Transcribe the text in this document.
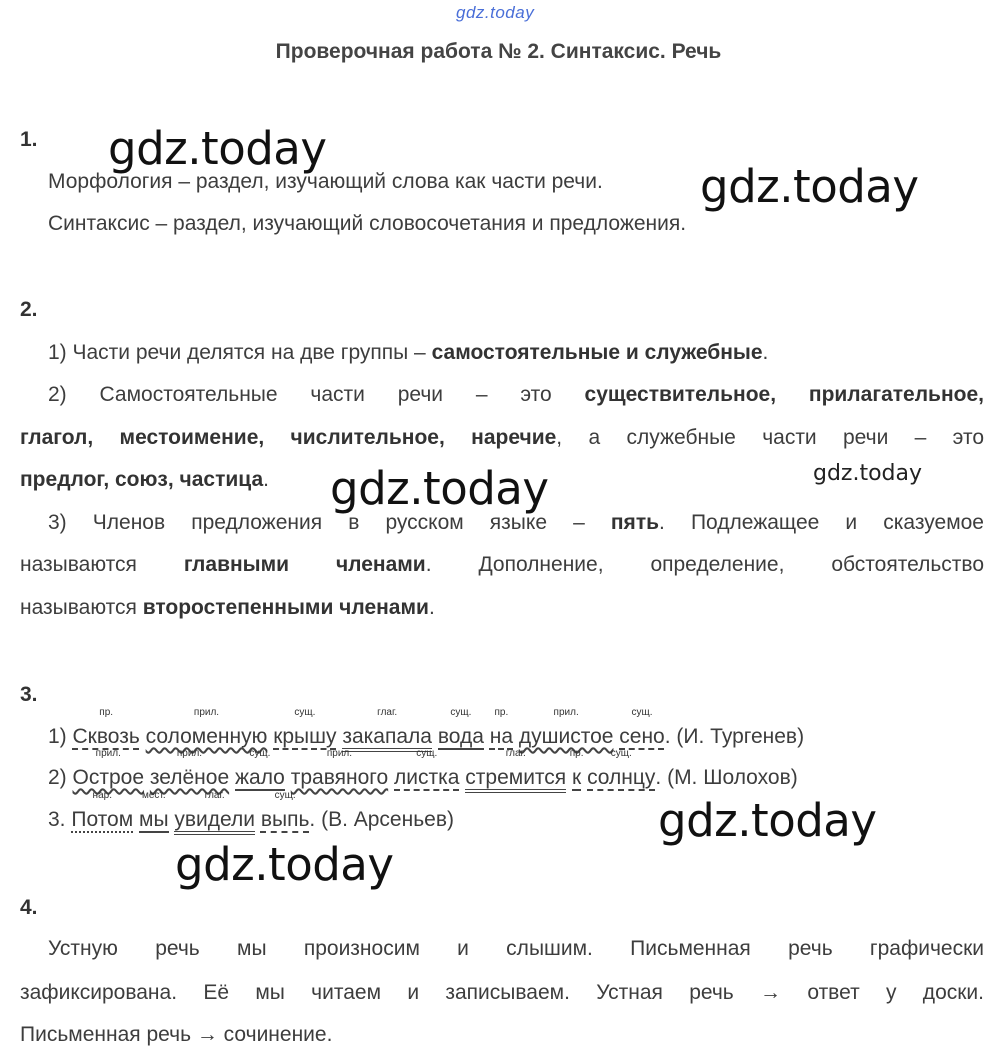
gdz.today
Проверочная работа № 2. Синтаксис. Речь
1.
Морфология – раздел, изучающий слова как части речи.
Синтаксис – раздел, изучающий словосочетания и предложения.
2.
1) Части речи делятся на две группы – самостоятельные и служебные.
2) Самостоятельные части речи – это существительное, прилагательное,
глагол, местоимение, числительное, наречие, а служебные части речи – это
предлог, союз, частица.
3) Членов предложения в русском языке – пять. Подлежащее и сказуемое
называются главными членами. Дополнение, определение, обстоятельство
называются второстепенными членами.
3.
1)
пр.
Сквозь
прил.
соломенную
сущ.
крышу
глаг.
закапала
сущ.
вода
пр.
на
прил.
душистое
сущ.
сено. (И. Тургенев)
2)
прил.
Острое
прил.
зелёное
сущ.
жало
прил.
травяного
сущ.
листка
глаг.
стремится
пр.
к
сущ.
солнцу. (М. Шолохов)
3.
нар.
Потом
мест.
мы
глаг.
увидели
сущ.
выпь. (В. Арсеньев)
4.
Устную речь мы произносим и слышим. Письменная речь графически
зафиксирована. Её мы читаем и записываем. Устная речь → ответ у доски.
Письменная речь → сочинение.
gdz.today
gdz.today
gdz.today	gdz.today
gdz.today
gdz.today
